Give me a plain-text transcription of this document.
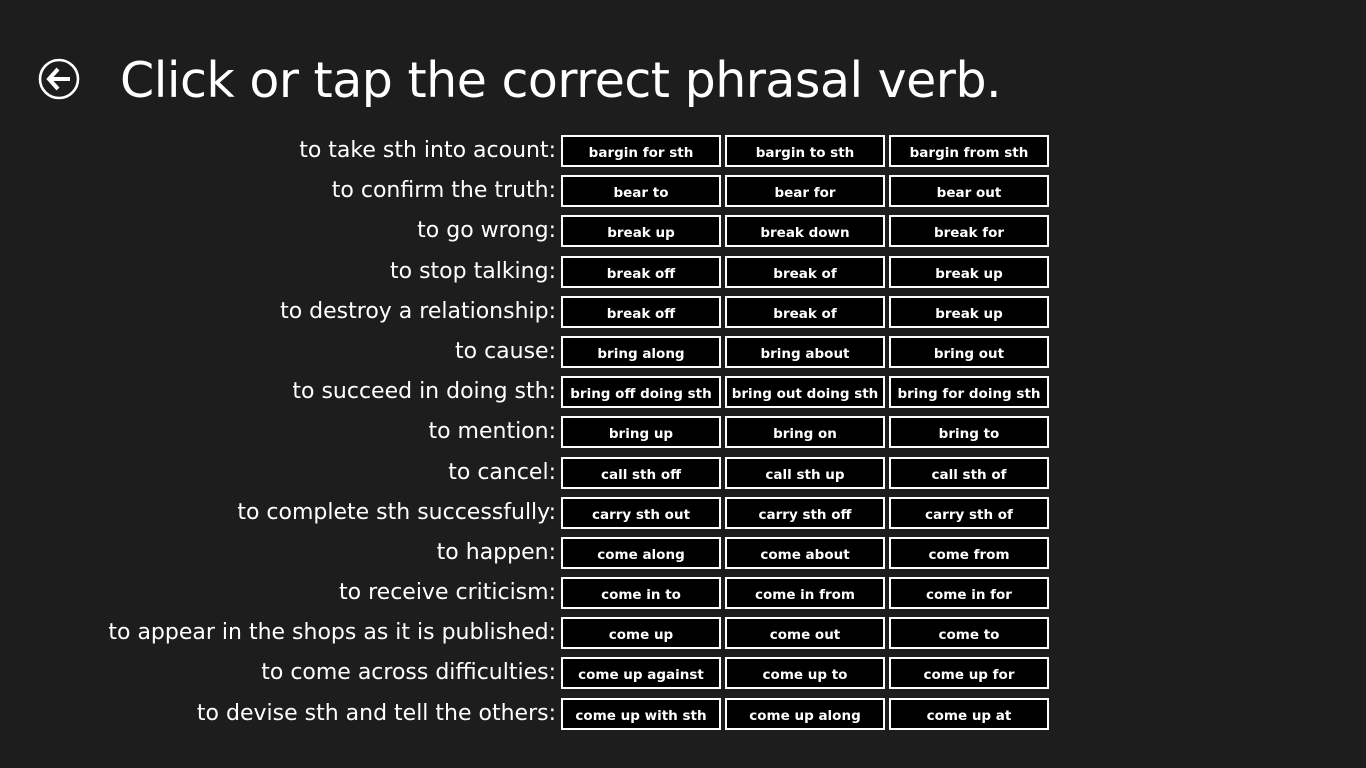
Click or tap the correct phrasal verb.
to take sth into acount:	bargin for sth	bargin to sth	bargin from sth
to confirm the truth:	bear to	bear for	bear out
to go wrong:	break up	break down	break for
to stop talking:	break off	break of	break up
to destroy a relationship:	break off	break of	break up
to cause:	bring along	bring about	bring out
to succeed in doing sth:	bring off doing sth	bring out doing sth	bring for doing sth
to mention:	bring up	bring on	bring to
to cancel:	call sth off	call sth up	call sth of
to complete sth successfully:	carry sth out	carry sth off	carry sth of
to happen:	come along	come about	come from
to receive criticism:	come in to	come in from	come in for
to appear in the shops as it is published:	come up	come out	come to
to come across difficulties:	come up against	come up to	come up for
to devise sth and tell the others:	come up with sth	come up along	come up at
